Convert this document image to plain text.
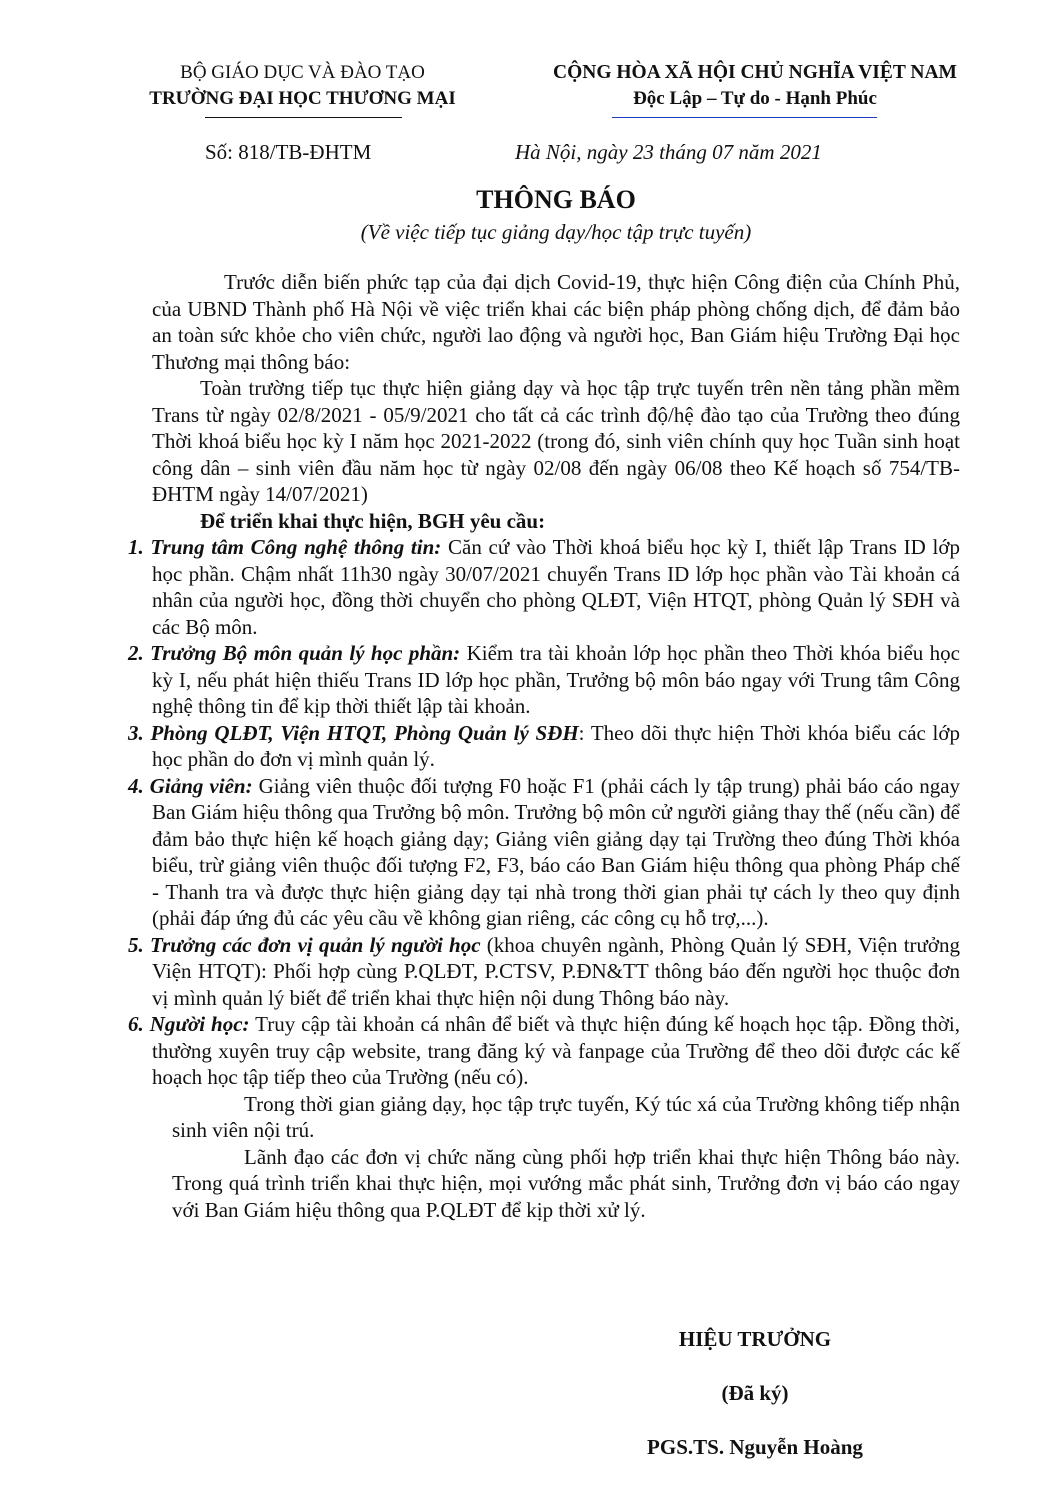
BỘ GIÁO DỤC VÀ ĐÀO TẠO
TRƯỜNG ĐẠI HỌC THƯƠNG MẠI
CỘNG HÒA XÃ HỘI CHỦ NGHĨA VIỆT NAM
Độc Lập – Tự do - Hạnh Phúc
Số: 818/TB-ĐHTM	Hà Nội, ngày 23 tháng 07 năm 2021
THÔNG BÁO
(Về việc tiếp tục giảng dạy/học tập trực tuyến)

Trước diễn biến phức tạp của đại dịch Covid-19, thực hiện Công điện của Chính Phủ, của UBND Thành phố Hà Nội về việc triển khai các biện pháp phòng chống dịch, để đảm bảo an toàn sức khỏe cho viên chức, người lao động và người học, Ban Giám hiệu Trường Đại học Thương mại thông báo:

Toàn trường tiếp tục thực hiện giảng dạy và học tập trực tuyến trên nền tảng phần mềm Trans từ ngày 02/8/2021 - 05/9/2021 cho tất cả các trình độ/hệ đào tạo của Trường theo đúng Thời khoá biểu học kỳ I năm học 2021-2022 (trong đó, sinh viên chính quy học Tuần sinh hoạt công dân – sinh viên đầu năm học từ ngày 02/08 đến ngày 06/08 theo Kế hoạch số 754/TB-ĐHTM ngày 14/07/2021)

Để triển khai thực hiện, BGH yêu cầu:

1. Trung tâm Công nghệ thông tin: Căn cứ vào Thời khoá biểu học kỳ I, thiết lập Trans ID lớp học phần. Chậm nhất 11h30 ngày 30/07/2021 chuyển Trans ID lớp học phần vào Tài khoản cá nhân của người học, đồng thời chuyển cho phòng QLĐT, Viện HTQT, phòng Quản lý SĐH và các Bộ môn.

2. Trưởng Bộ môn quản lý học phần: Kiểm tra tài khoản lớp học phần theo Thời khóa biểu học kỳ I, nếu phát hiện thiếu Trans ID lớp học phần, Trưởng bộ môn báo ngay với Trung tâm Công nghệ thông tin để kịp thời thiết lập tài khoản.

3. Phòng QLĐT, Viện HTQT, Phòng Quản lý SĐH: Theo dõi thực hiện Thời khóa biểu các lớp học phần do đơn vị mình quản lý.

4. Giảng viên: Giảng viên thuộc đối tượng F0 hoặc F1 (phải cách ly tập trung) phải báo cáo ngay Ban Giám hiệu thông qua Trưởng bộ môn. Trưởng bộ môn cử người giảng thay thế (nếu cần) để đảm bảo thực hiện kế hoạch giảng dạy; Giảng viên giảng dạy tại Trường theo đúng Thời khóa biểu, trừ giảng viên thuộc đối tượng F2, F3, báo cáo Ban Giám hiệu thông qua phòng Pháp chế - Thanh tra và được thực hiện giảng dạy tại nhà trong thời gian phải tự cách ly theo quy định (phải đáp ứng đủ các yêu cầu về không gian riêng, các công cụ hỗ trợ,...).

5. Trưởng các đơn vị quản lý người học (khoa chuyên ngành, Phòng Quản lý SĐH, Viện trưởng Viện HTQT): Phối hợp cùng P.QLĐT, P.CTSV, P.ĐN&TT thông báo đến người học thuộc đơn vị mình quản lý biết để triển khai thực hiện nội dung Thông báo này.

6. Người học: Truy cập tài khoản cá nhân để biết và thực hiện đúng kế hoạch học tập. Đồng thời, thường xuyên truy cập website, trang đăng ký và fanpage của Trường để theo dõi được các kế hoạch học tập tiếp theo của Trường (nếu có).

Trong thời gian giảng dạy, học tập trực tuyến, Ký túc xá của Trường không tiếp nhận sinh viên nội trú.

Lãnh đạo các đơn vị chức năng cùng phối hợp triển khai thực hiện Thông báo này. Trong quá trình triển khai thực hiện, mọi vướng mắc phát sinh, Trưởng đơn vị báo cáo ngay với Ban Giám hiệu thông qua P.QLĐT để kịp thời xử lý.

HIỆU TRƯỞNG
(Đã ký)
PGS.TS. Nguyễn Hoàng
